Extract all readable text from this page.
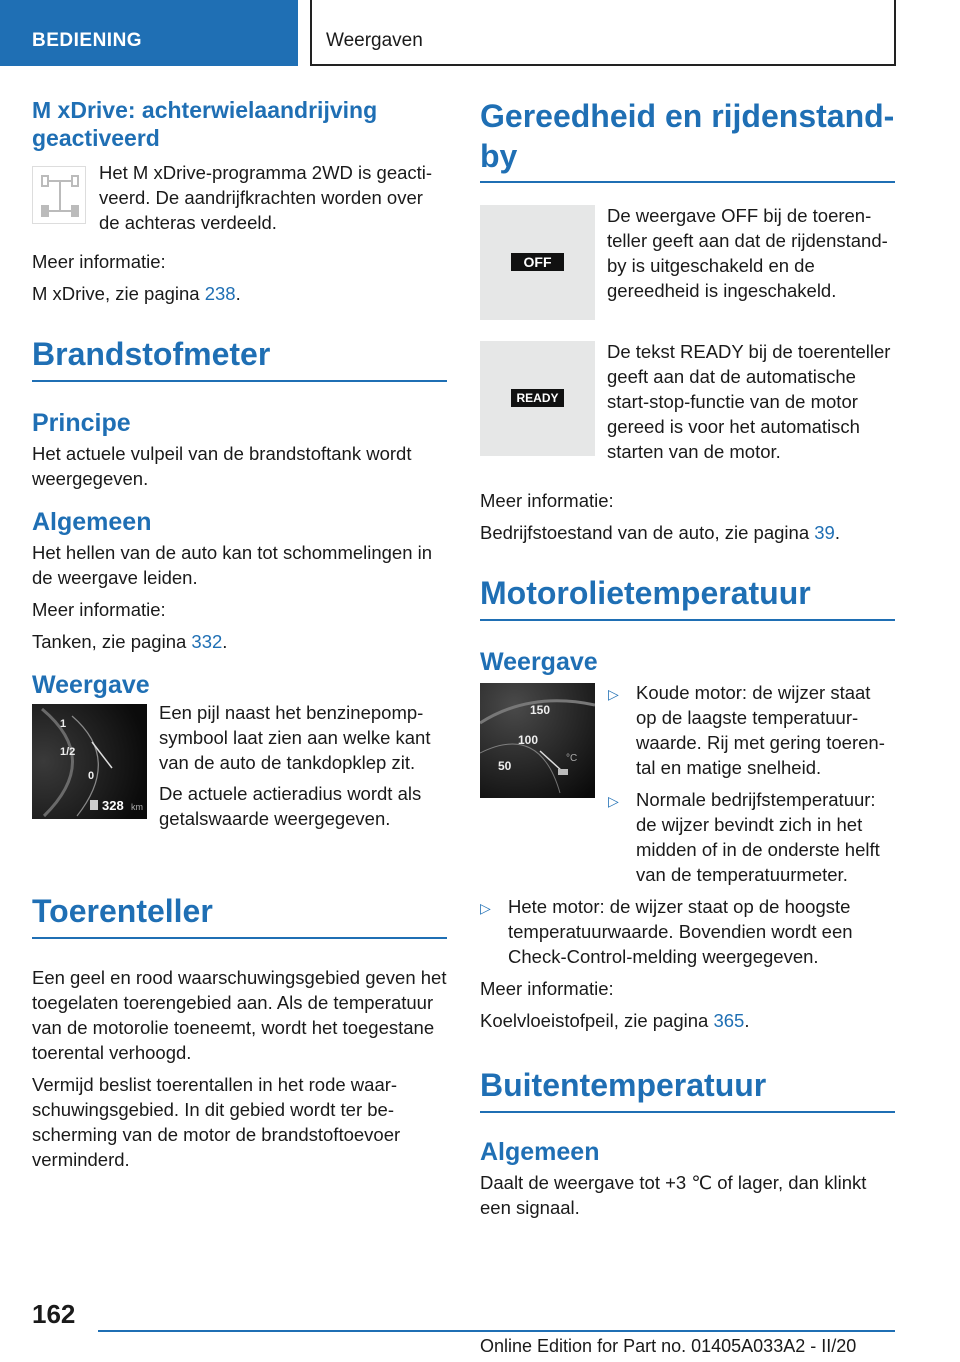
BEDIENING	Weergaven
M xDrive: achterwielaandrijving geactiveerd
Het M xDrive-programma 2WD is geactiveerd. De aandrijfkrachten worden over de achteras verdeeld.

Meer informatie:

M xDrive, zie pagina 238.

Brandstofmeter
Principe

Het actuele vulpeil van de brandstoftank wordt weergegeven.

Algemeen

Het hellen van de auto kan tot schommelingen in de weergave leiden.

Meer informatie:

Tanken, zie pagina 332.

Weergave
1
1/2
0
328 km
Een pijl naast het benzinepompsymbool laat zien aan welke kant van de auto de tankdopklep zit.
De actuele actieradius wordt als getalswaarde weergegeven.
Toerenteller

Een geel en rood waarschuwingsgebied geven het toegelaten toerengebied aan. Als de temperatuur van de motorolie toeneemt, wordt het toegestane toerental verhoogd.

Vermijd beslist toerentallen in het rode waarschuwingsgebied. In dit gebied wordt ter bescherming van de motor de brandstoftoevoer verminderd.

Gereedheid en rijdenstand-by
OFF
De weergave OFF bij de toerenteller geeft aan dat de rijdenstand-by is uitgeschakeld en de gereedheid is ingeschakeld.
READY
De tekst READY bij de toerenteller geeft aan dat de automatische start-stop-functie van de motor gereed is voor het automatisch starten van de motor.

Meer informatie:

Bedrijfstoestand van de auto, zie pagina 39.

Motorolietemperatuur
Weergave
150
100
50
°C
▷ Koude motor: de wijzer staat op de laagste temperatuurwaarde. Rij met gering toerental en matige snelheid.
▷ Normale bedrijfstemperatuur: de wijzer bevindt zich in het midden of in de onderste helft van de temperatuurmeter.
▷ Hete motor: de wijzer staat op de hoogste temperatuurwaarde. Bovendien wordt een Check-Control-melding weergegeven.

Meer informatie:

Koelvloeistofpeil, zie pagina 365.

Buitentemperatuur
Algemeen

Daalt de weergave tot +3 ℃ of lager, dan klinkt een signaal.

162
Online Edition for Part no. 01405A033A2 - II/20
